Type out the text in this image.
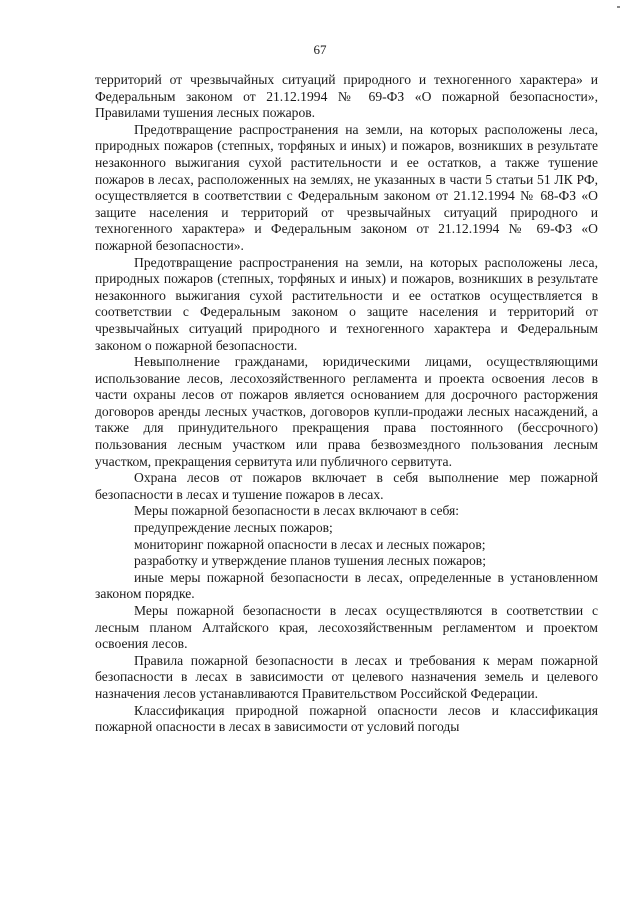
67

территорий от чрезвычайных ситуаций природного и техногенного характера» и Федеральным законом от 21.12.1994 № 69-ФЗ «О пожарной безопасности», Правилами тушения лесных пожаров.

Предотвращение распространения на земли, на которых расположены леса, природных пожаров (степных, торфяных и иных) и пожаров, возникших в результате незаконного выжигания сухой растительности и ее остатков, а также тушение пожаров в лесах, расположенных на землях, не указанных в части 5 статьи 51 ЛК РФ, осуществляется в соответствии с Федеральным законом от 21.12.1994 № 68-ФЗ «О защите населения и территорий от чрезвычайных ситуаций природного и техногенного характера» и Федеральным законом от 21.12.1994 № 69-ФЗ «О пожарной безопасности».

Предотвращение распространения на земли, на которых расположены леса, природных пожаров (степных, торфяных и иных) и пожаров, возникших в результате незаконного выжигания сухой растительности и ее остатков осуществляется в соответствии с Федеральным законом о защите населения и территорий от чрезвычайных ситуаций природного и техногенного характера и Федеральным законом о пожарной безопасности.

Невыполнение гражданами, юридическими лицами, осуществляющими использование лесов, лесохозяйственного регламента и проекта освоения лесов в части охраны лесов от пожаров является основанием для досрочного расторжения договоров аренды лесных участков, договоров купли-продажи лесных насаждений, а также для принудительного прекращения права постоянного (бессрочного) пользования лесным участком или права безвозмездного пользования лесным участком, прекращения сервитута или публичного сервитута.

Охрана лесов от пожаров включает в себя выполнение мер пожарной безопасности в лесах и тушение пожаров в лесах.

Меры пожарной безопасности в лесах включают в себя:

предупреждение лесных пожаров;

мониторинг пожарной опасности в лесах и лесных пожаров;

разработку и утверждение планов тушения лесных пожаров;

иные меры пожарной безопасности в лесах, определенные в установленном законом порядке.

Меры пожарной безопасности в лесах осуществляются в соответствии с лесным планом Алтайского края, лесохозяйственным регламентом и проектом освоения лесов.

Правила пожарной безопасности в лесах и требования к мерам пожарной безопасности в лесах в зависимости от целевого назначения земель и целевого назначения лесов устанавливаются Правительством Российской Федерации.

Классификация природной пожарной опасности лесов и классификация пожарной опасности в лесах в зависимости от условий погоды
